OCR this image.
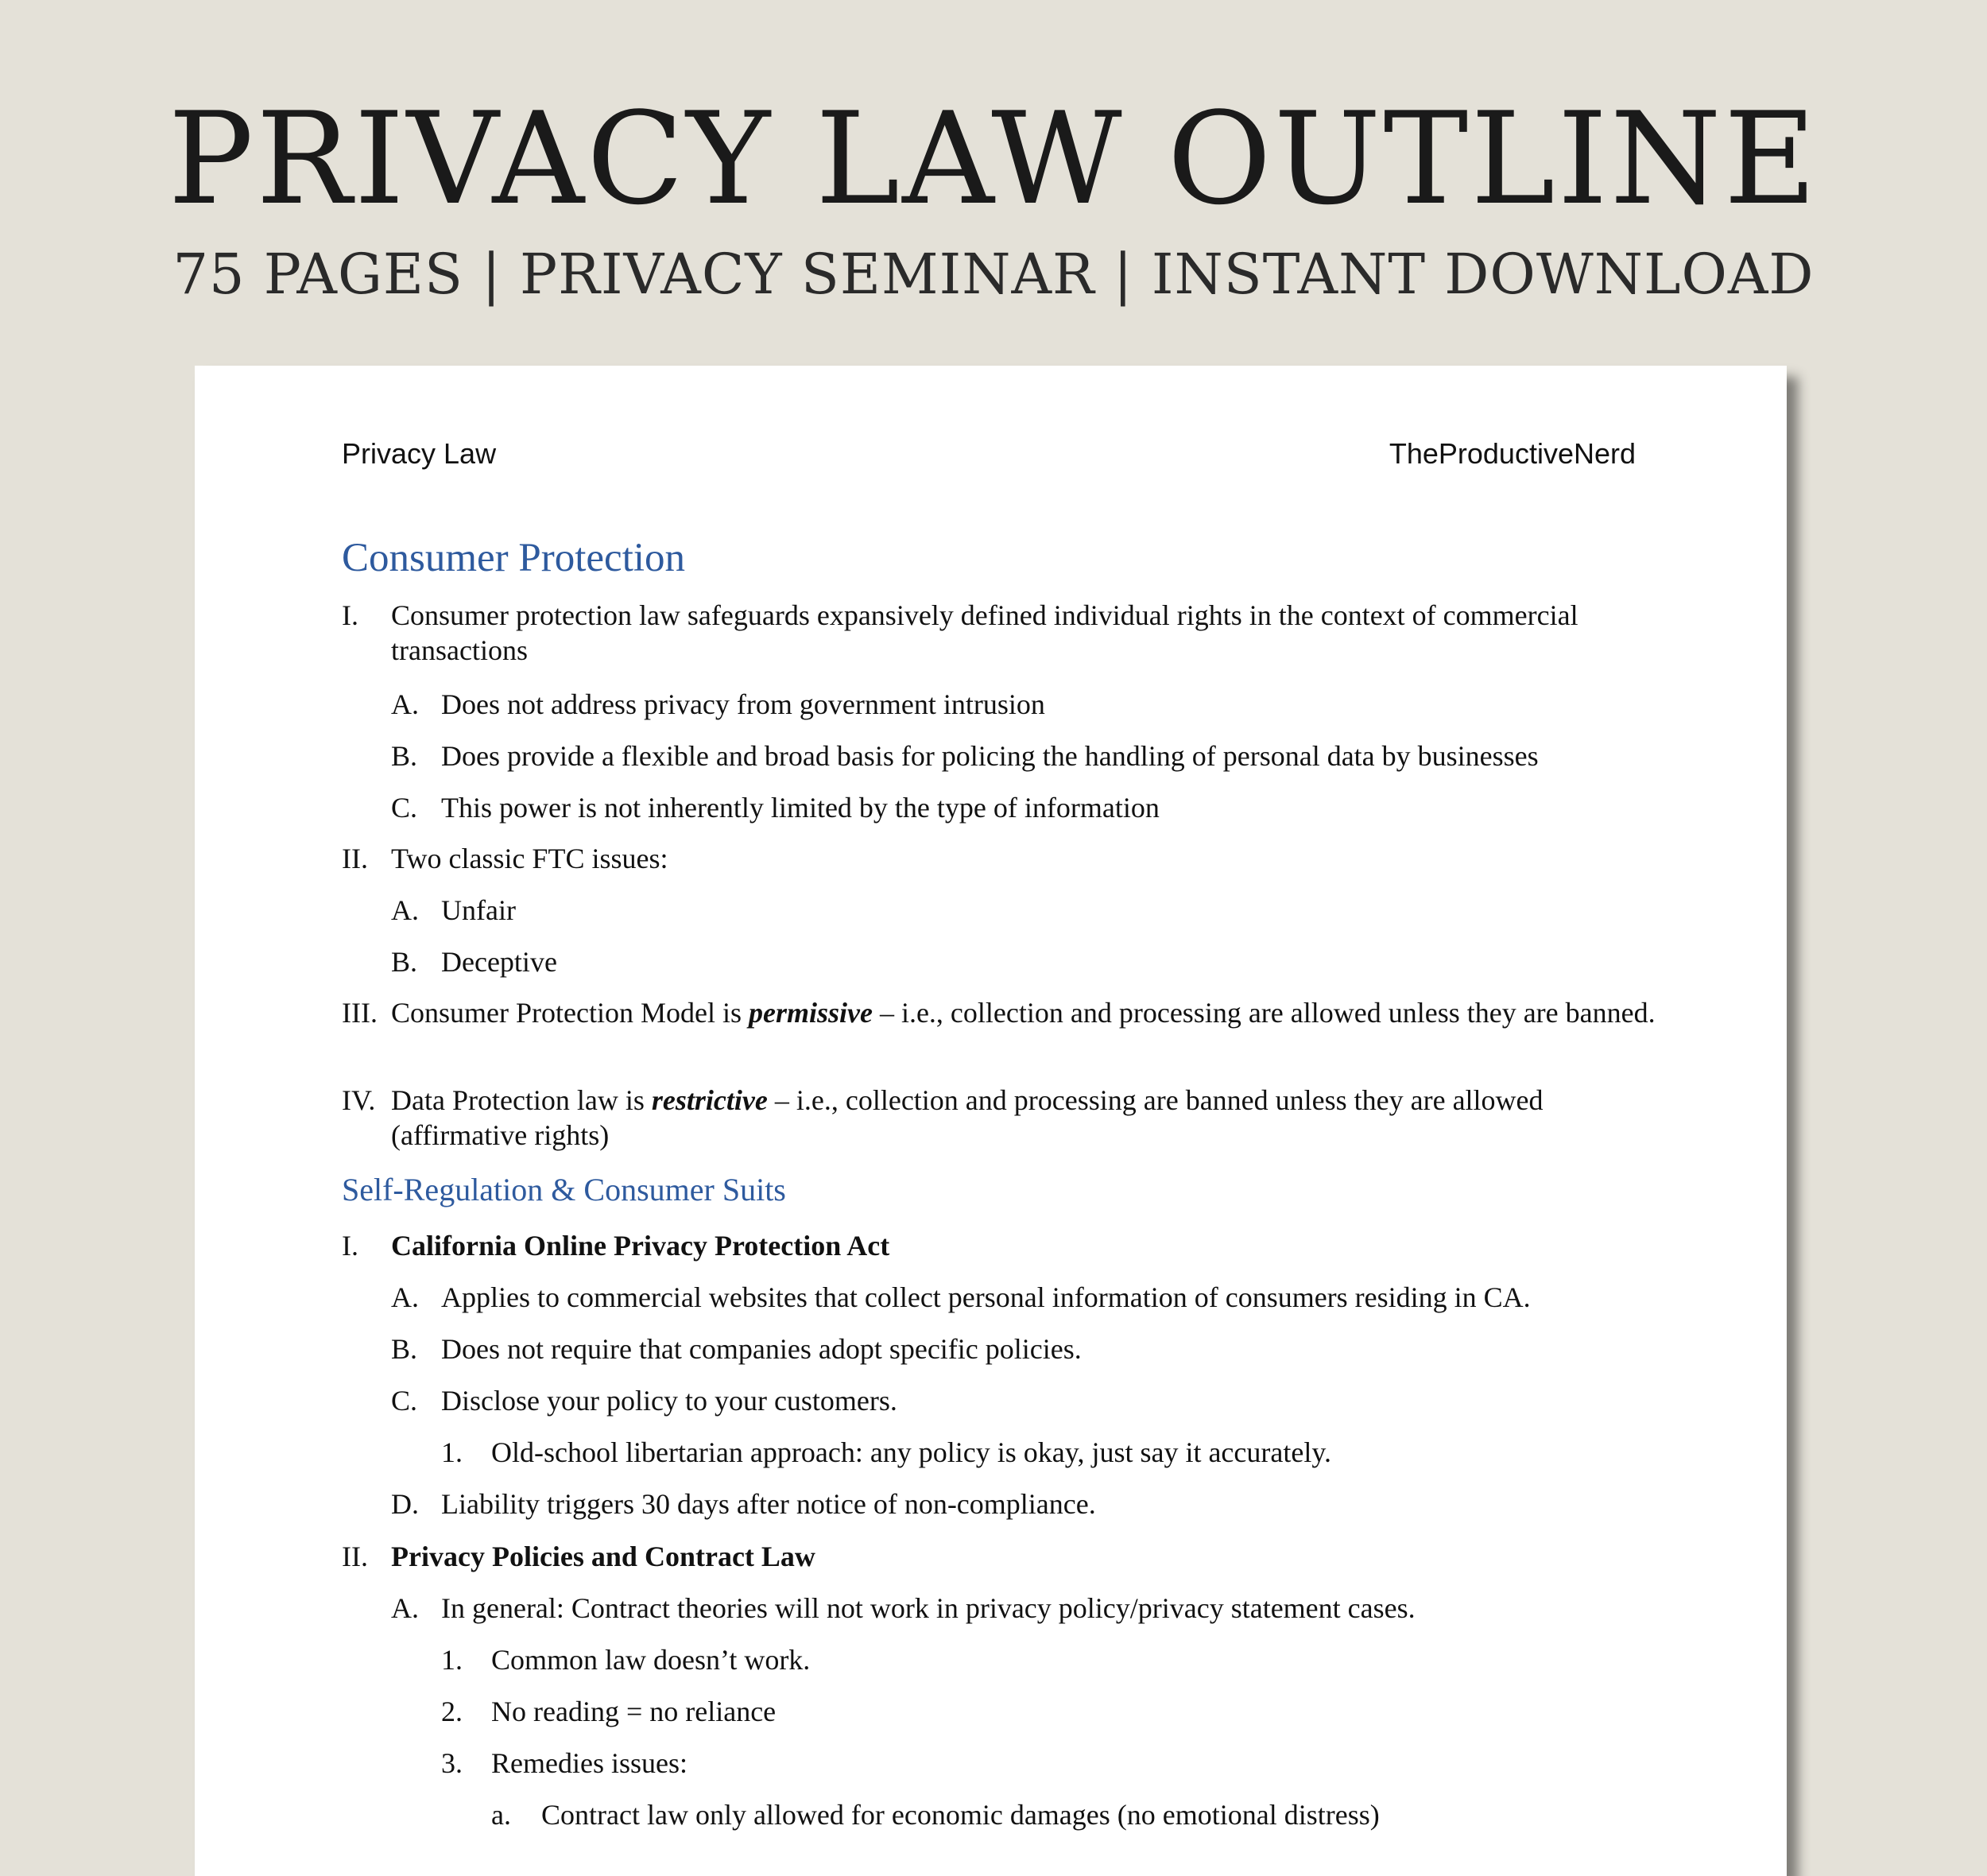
PRIVACY LAW OUTLINE
75 PAGES | PRIVACY SEMINAR | INSTANT DOWNLOAD
Privacy Law	TheProductiveNerd
Consumer Protection
I. Consumer protection law safeguards expansively defined individual rights in the context of commercial transactions
A. Does not address privacy from government intrusion
B. Does provide a flexible and broad basis for policing the handling of personal data by businesses
C. This power is not inherently limited by the type of information
II. Two classic FTC issues:
A. Unfair
B. Deceptive
III. Consumer Protection Model is permissive – i.e., collection and processing are allowed unless they are banned.
IV. Data Protection law is restrictive – i.e., collection and processing are banned unless they are allowed (affirmative rights)
Self-Regulation & Consumer Suits
I. California Online Privacy Protection Act
A. Applies to commercial websites that collect personal information of consumers residing in CA.
B. Does not require that companies adopt specific policies.
C. Disclose your policy to your customers.
1. Old-school libertarian approach: any policy is okay, just say it accurately.
D. Liability triggers 30 days after notice of non-compliance.
II. Privacy Policies and Contract Law
A. In general: Contract theories will not work in privacy policy/privacy statement cases.
1. Common law doesn’t work.
2. No reading = no reliance
3. Remedies issues:
a. Contract law only allowed for economic damages (no emotional distress)
